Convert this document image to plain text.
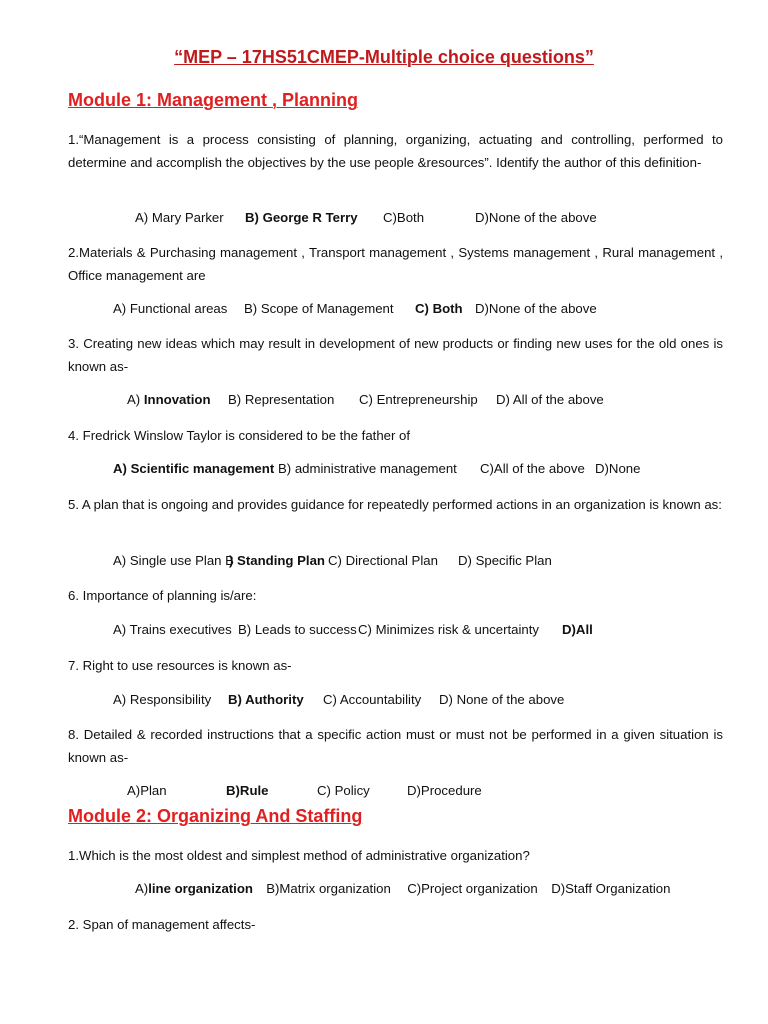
“MEP – 17HS51CMEP-Multiple choice questions”
Module 1: Management , Planning

1.“Management is a process consisting of planning, organizing, actuating and controlling, performed to determine and accomplish the objectives by the use people &resources”. Identify the author of this definition-

A) Mary Parker B) George R Terry C)Both	D)None of the above

2.Materials & Purchasing management , Transport management , Systems management , Rural management , Office management are

A) Functional areas B) Scope of Management C) Both D)None of the above

3. Creating new ideas which may result in development of new products or finding new uses for the old ones is known as-

A) Innovation B) Representation C) Entrepreneurship D) All of the above

4. Fredrick Winslow Taylor is considered to be the father of

A) Scientific management B) administrative management C)All of the above D)None

5. A plan that is ongoing and provides guidance for repeatedly performed actions in an organization is known as:

A) Single use Plan B) Standing Plan C) Directional Plan D) Specific Plan

6. Importance of planning is/are:

A) Trains executives B) Leads to successC) Minimizes risk & uncertainty D)All

7. Right to use resources is known as-

A) Responsibility B) Authority C) Accountability D) None of the above

8. Detailed & recorded instructions that a specific action must or must not be performed in a given situation is known as-

A)Plan	B)Rule	C) Policy	D)Procedure
Module 2: Organizing And Staffing

1.Which is the most oldest and simplest method of administrative organization?

A)line organization B)Matrix organization C)Project organization D)Staff Organization

2. Span of management affects-
